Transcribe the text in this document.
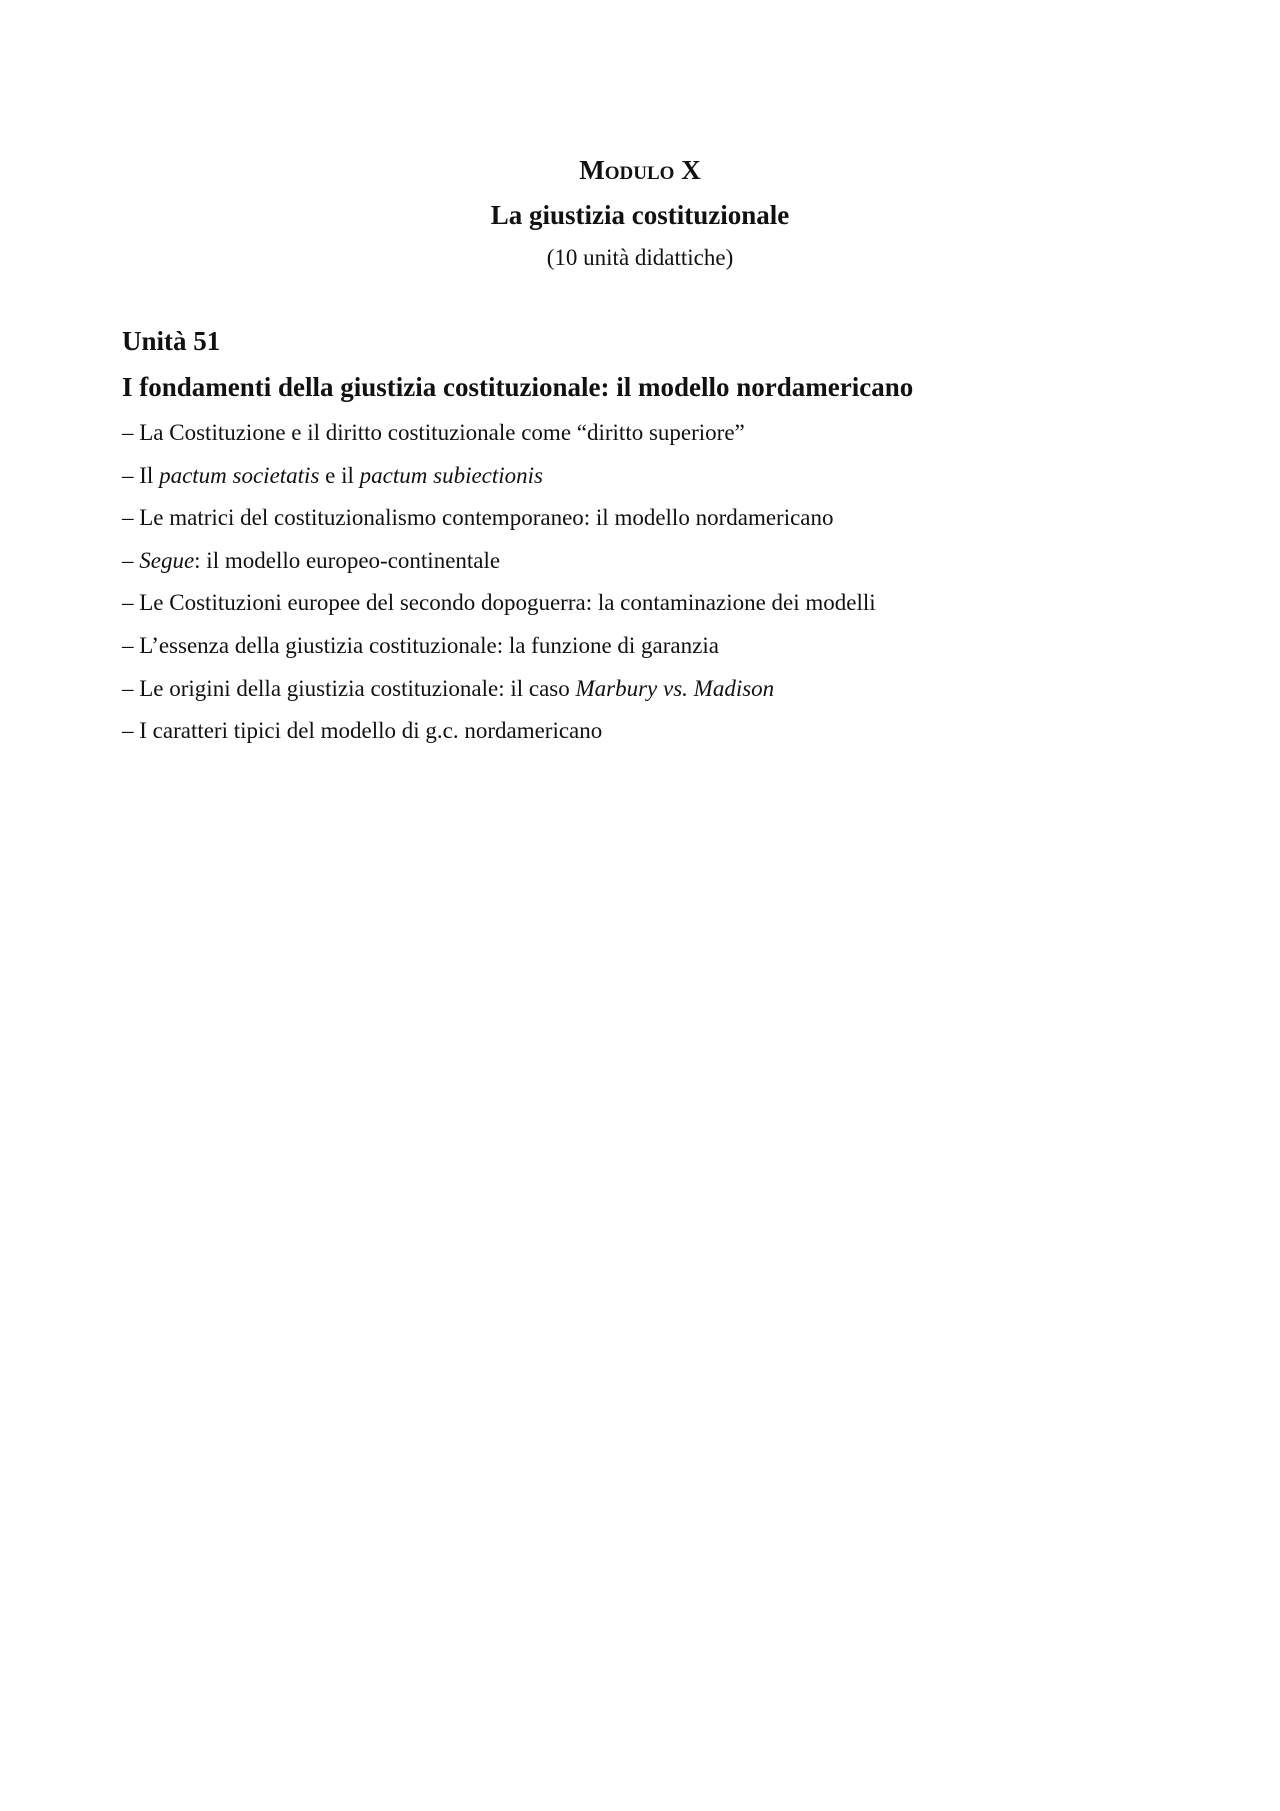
Modulo X

La giustizia costituzionale

(10 unità didattiche)

Unità 51

I fondamenti della giustizia costituzionale: il modello nordamericano

– La Costituzione e il diritto costituzionale come “diritto superiore”
– Il pactum societatis e il pactum subiectionis
– Le matrici del costituzionalismo contemporaneo: il modello nordamericano
– Segue: il modello europeo-continentale
– Le Costituzioni europee del secondo dopoguerra: la contaminazione dei modelli
– L’essenza della giustizia costituzionale: la funzione di garanzia
– Le origini della giustizia costituzionale: il caso Marbury vs. Madison
– I caratteri tipici del modello di g.c. nordamericano
